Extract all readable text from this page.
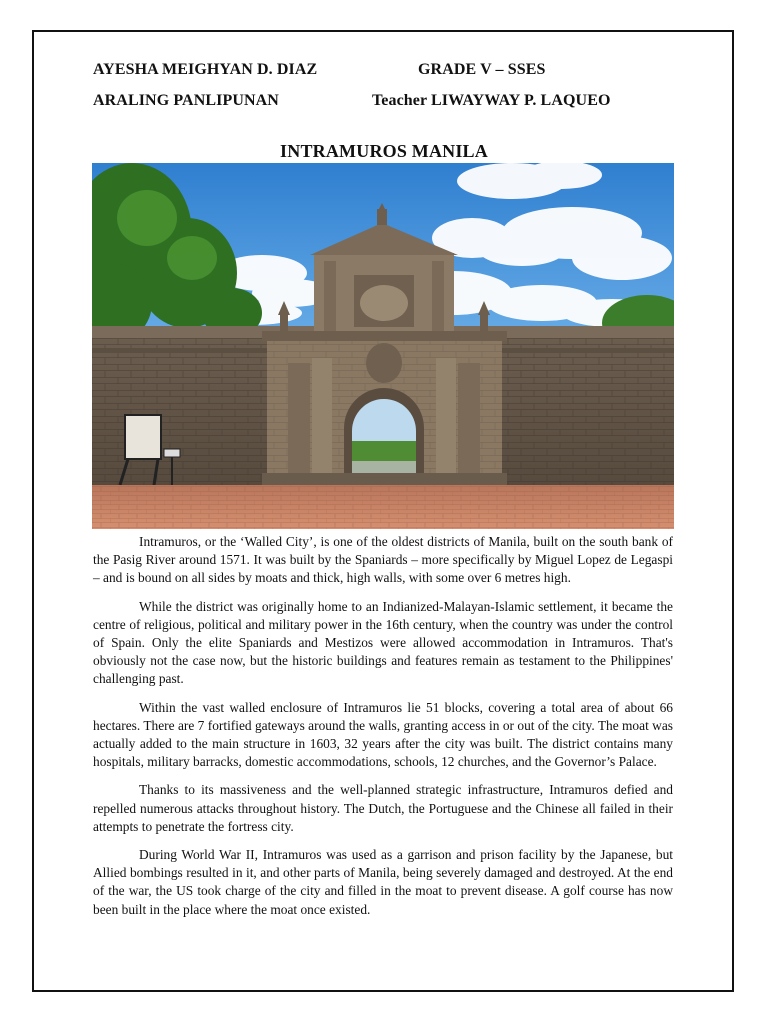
AYESHA MEIGHYAN D. DIAZ	GRADE V – SSES
ARALING PANLIPUNAN	Teacher LIWAYWAY P. LAQUEO
INTRAMUROS MANILA

Intramuros, or the ‘Walled City’, is one of the oldest districts of Manila, built on the south bank of the Pasig River around 1571. It was built by the Spaniards – more specifically by Miguel Lopez de Legaspi – and is bound on all sides by moats and thick, high walls, with some over 6 metres high.

While the district was originally home to an Indianized-Malayan-Islamic settlement, it became the centre of religious, political and military power in the 16th century, when the country was under the control of Spain. Only the elite Spaniards and Mestizos were allowed accommodation in Intramuros. That's obviously not the case now, but the historic buildings and features remain as testament to the Philippines' challenging past.

Within the vast walled enclosure of Intramuros lie 51 blocks, covering a total area of about 66 hectares. There are 7 fortified gateways around the walls, granting access in or out of the city. The moat was actually added to the main structure in 1603, 32 years after the city was built. The district contains many hospitals, military barracks, domestic accommodations, schools, 12 churches, and the Governor’s Palace.

Thanks to its massiveness and the well-planned strategic infrastructure, Intramuros defied and repelled numerous attacks throughout history. The Dutch, the Portuguese and the Chinese all failed in their attempts to penetrate the fortress city.

During World War II, Intramuros was used as a garrison and prison facility by the Japanese, but Allied bombings resulted in it, and other parts of Manila, being severely damaged and destroyed. At the end of the war, the US took charge of the city and filled in the moat to prevent disease. A golf course has now been built in the place where the moat once existed.
